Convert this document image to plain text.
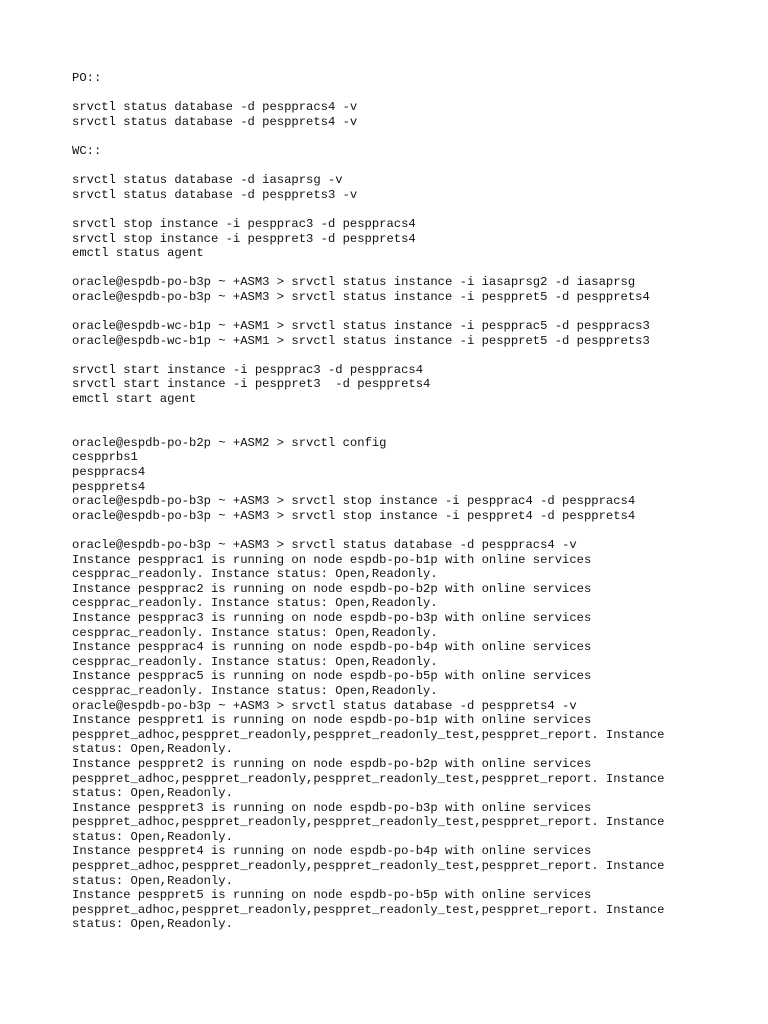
PO::
srvctl status database -d pesppracs4 -v
srvctl status database -d pespprets4 -v
WC::
srvctl status database -d iasaprsg -v
srvctl status database -d pespprets3 -v
srvctl stop instance -i pespprac3 -d pesppracs4
srvctl stop instance -i pesppret3 -d pespprets4
emctl status agent
oracle@espdb-po-b3p ~ +ASM3 > srvctl status instance -i iasaprsg2 -d iasaprsg
oracle@espdb-po-b3p ~ +ASM3 > srvctl status instance -i pesppret5 -d pespprets4
oracle@espdb-wc-b1p ~ +ASM1 > srvctl status instance -i pespprac5 -d pesppracs3
oracle@espdb-wc-b1p ~ +ASM1 > srvctl status instance -i pesppret5 -d pespprets3
srvctl start instance -i pespprac3 -d pesppracs4
srvctl start instance -i pesppret3  -d pespprets4
emctl start agent
oracle@espdb-po-b2p ~ +ASM2 > srvctl config
cespprbs1
pesppracs4
pespprets4
oracle@espdb-po-b3p ~ +ASM3 > srvctl stop instance -i pespprac4 -d pesppracs4
oracle@espdb-po-b3p ~ +ASM3 > srvctl stop instance -i pesppret4 -d pespprets4
oracle@espdb-po-b3p ~ +ASM3 > srvctl status database -d pesppracs4 -v
Instance pespprac1 is running on node espdb-po-b1p with online services
cespprac_readonly. Instance status: Open,Readonly.
Instance pespprac2 is running on node espdb-po-b2p with online services
cespprac_readonly. Instance status: Open,Readonly.
Instance pespprac3 is running on node espdb-po-b3p with online services
cespprac_readonly. Instance status: Open,Readonly.
Instance pespprac4 is running on node espdb-po-b4p with online services
cespprac_readonly. Instance status: Open,Readonly.
Instance pespprac5 is running on node espdb-po-b5p with online services
cespprac_readonly. Instance status: Open,Readonly.
oracle@espdb-po-b3p ~ +ASM3 > srvctl status database -d pespprets4 -v
Instance pesppret1 is running on node espdb-po-b1p with online services
pesppret_adhoc,pesppret_readonly,pesppret_readonly_test,pesppret_report. Instance
status: Open,Readonly.
Instance pesppret2 is running on node espdb-po-b2p with online services
pesppret_adhoc,pesppret_readonly,pesppret_readonly_test,pesppret_report. Instance
status: Open,Readonly.
Instance pesppret3 is running on node espdb-po-b3p with online services
pesppret_adhoc,pesppret_readonly,pesppret_readonly_test,pesppret_report. Instance
status: Open,Readonly.
Instance pesppret4 is running on node espdb-po-b4p with online services
pesppret_adhoc,pesppret_readonly,pesppret_readonly_test,pesppret_report. Instance
status: Open,Readonly.
Instance pesppret5 is running on node espdb-po-b5p with online services
pesppret_adhoc,pesppret_readonly,pesppret_readonly_test,pesppret_report. Instance
status: Open,Readonly.
